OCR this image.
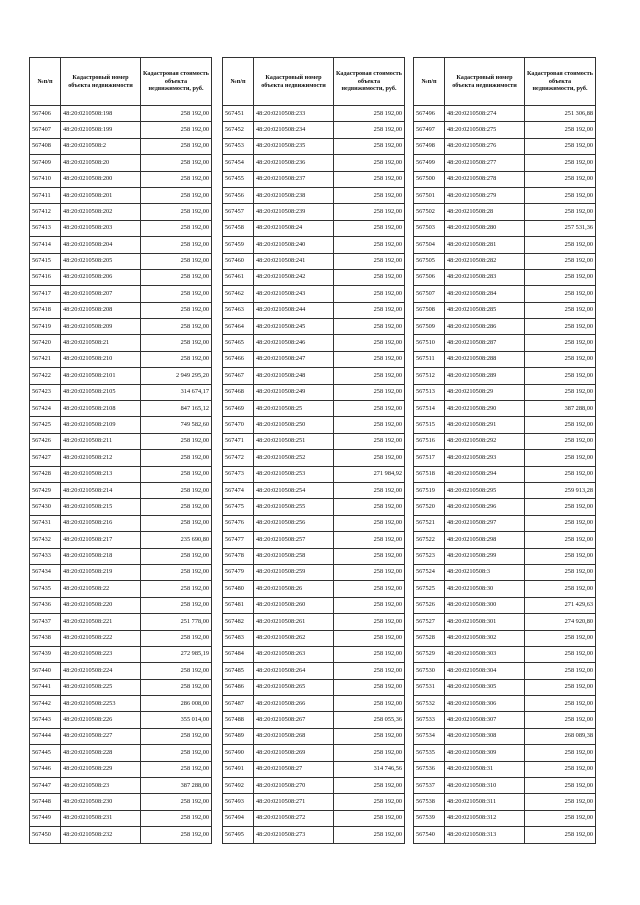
№п/п	Кадастровый номер объекта недвижимости	Кадастровая стоимость объекта недвижимости, руб.
567406	48:20:0210508:198	258 192,00
567407	48:20:0210508:199	258 192,00
567408	48:20:0210508:2	258 192,00
567409	48:20:0210508:20	258 192,00
567410	48:20:0210508:200	258 192,00
567411	48:20:0210508:201	258 192,00
567412	48:20:0210508:202	258 192,00
567413	48:20:0210508:203	258 192,00
567414	48:20:0210508:204	258 192,00
567415	48:20:0210508:205	258 192,00
567416	48:20:0210508:206	258 192,00
567417	48:20:0210508:207	258 192,00
567418	48:20:0210508:208	258 192,00
567419	48:20:0210508:209	258 192,00
567420	48:20:0210508:21	258 192,00
567421	48:20:0210508:210	258 192,00
567422	48:20:0210508:2101	2 949 295,20
567423	48:20:0210508:2105	314 674,17
567424	48:20:0210508:2108	847 165,12
567425	48:20:0210508:2109	749 582,60
567426	48:20:0210508:211	258 192,00
567427	48:20:0210508:212	258 192,00
567428	48:20:0210508:213	258 192,00
567429	48:20:0210508:214	258 192,00
567430	48:20:0210508:215	258 192,00
567431	48:20:0210508:216	258 192,00
567432	48:20:0210508:217	235 690,80
567433	48:20:0210508:218	258 192,00
567434	48:20:0210508:219	258 192,00
567435	48:20:0210508:22	258 192,00
567436	48:20:0210508:220	258 192,00
567437	48:20:0210508:221	251 778,00
567438	48:20:0210508:222	258 192,00
567439	48:20:0210508:223	272 985,19
567440	48:20:0210508:224	258 192,00
567441	48:20:0210508:225	258 192,00
567442	48:20:0210508:2253	286 008,00
567443	48:20:0210508:226	355 014,00
567444	48:20:0210508:227	258 192,00
567445	48:20:0210508:228	258 192,00
567446	48:20:0210508:229	258 192,00
567447	48:20:0210508:23	387 288,00
567448	48:20:0210508:230	258 192,00
567449	48:20:0210508:231	258 192,00
567450	48:20:0210508:232	258 192,00
№п/п	Кадастровый номер объекта недвижимости	Кадастровая стоимость объекта недвижимости, руб.
567451	48:20:0210508:233	258 192,00
567452	48:20:0210508:234	258 192,00
567453	48:20:0210508:235	258 192,00
567454	48:20:0210508:236	258 192,00
567455	48:20:0210508:237	258 192,00
567456	48:20:0210508:238	258 192,00
567457	48:20:0210508:239	258 192,00
567458	48:20:0210508:24	258 192,00
567459	48:20:0210508:240	258 192,00
567460	48:20:0210508:241	258 192,00
567461	48:20:0210508:242	258 192,00
567462	48:20:0210508:243	258 192,00
567463	48:20:0210508:244	258 192,00
567464	48:20:0210508:245	258 192,00
567465	48:20:0210508:246	258 192,00
567466	48:20:0210508:247	258 192,00
567467	48:20:0210508:248	258 192,00
567468	48:20:0210508:249	258 192,00
567469	48:20:0210508:25	258 192,00
567470	48:20:0210508:250	258 192,00
567471	48:20:0210508:251	258 192,00
567472	48:20:0210508:252	258 192,00
567473	48:20:0210508:253	271 984,92
567474	48:20:0210508:254	258 192,00
567475	48:20:0210508:255	258 192,00
567476	48:20:0210508:256	258 192,00
567477	48:20:0210508:257	258 192,00
567478	48:20:0210508:258	258 192,00
567479	48:20:0210508:259	258 192,00
567480	48:20:0210508:26	258 192,00
567481	48:20:0210508:260	258 192,00
567482	48:20:0210508:261	258 192,00
567483	48:20:0210508:262	258 192,00
567484	48:20:0210508:263	258 192,00
567485	48:20:0210508:264	258 192,00
567486	48:20:0210508:265	258 192,00
567487	48:20:0210508:266	258 192,00
567488	48:20:0210508:267	258 055,36
567489	48:20:0210508:268	258 192,00
567490	48:20:0210508:269	258 192,00
567491	48:20:0210508:27	314 746,56
567492	48:20:0210508:270	258 192,00
567493	48:20:0210508:271	258 192,00
567494	48:20:0210508:272	258 192,00
567495	48:20:0210508:273	258 192,00
№п/п	Кадастровый номер объекта недвижимости	Кадастровая стоимость объекта недвижимости, руб.
567496	48:20:0210508:274	251 306,88
567497	48:20:0210508:275	258 192,00
567498	48:20:0210508:276	258 192,00
567499	48:20:0210508:277	258 192,00
567500	48:20:0210508:278	258 192,00
567501	48:20:0210508:279	258 192,00
567502	48:20:0210508:28	258 192,00
567503	48:20:0210508:280	257 531,36
567504	48:20:0210508:281	258 192,00
567505	48:20:0210508:282	258 192,00
567506	48:20:0210508:283	258 192,00
567507	48:20:0210508:284	258 192,00
567508	48:20:0210508:285	258 192,00
567509	48:20:0210508:286	258 192,00
567510	48:20:0210508:287	258 192,00
567511	48:20:0210508:288	258 192,00
567512	48:20:0210508:289	258 192,00
567513	48:20:0210508:29	258 192,00
567514	48:20:0210508:290	387 288,00
567515	48:20:0210508:291	258 192,00
567516	48:20:0210508:292	258 192,00
567517	48:20:0210508:293	258 192,00
567518	48:20:0210508:294	258 192,00
567519	48:20:0210508:295	259 913,28
567520	48:20:0210508:296	258 192,00
567521	48:20:0210508:297	258 192,00
567522	48:20:0210508:298	258 192,00
567523	48:20:0210508:299	258 192,00
567524	48:20:0210508:3	258 192,00
567525	48:20:0210508:30	258 192,00
567526	48:20:0210508:300	271 429,63
567527	48:20:0210508:301	274 920,80
567528	48:20:0210508:302	258 192,00
567529	48:20:0210508:303	258 192,00
567530	48:20:0210508:304	258 192,00
567531	48:20:0210508:305	258 192,00
567532	48:20:0210508:306	258 192,00
567533	48:20:0210508:307	258 192,00
567534	48:20:0210508:308	268 089,38
567535	48:20:0210508:309	258 192,00
567536	48:20:0210508:31	258 192,00
567537	48:20:0210508:310	258 192,00
567538	48:20:0210508:311	258 192,00
567539	48:20:0210508:312	258 192,00
567540	48:20:0210508:313	258 192,00
